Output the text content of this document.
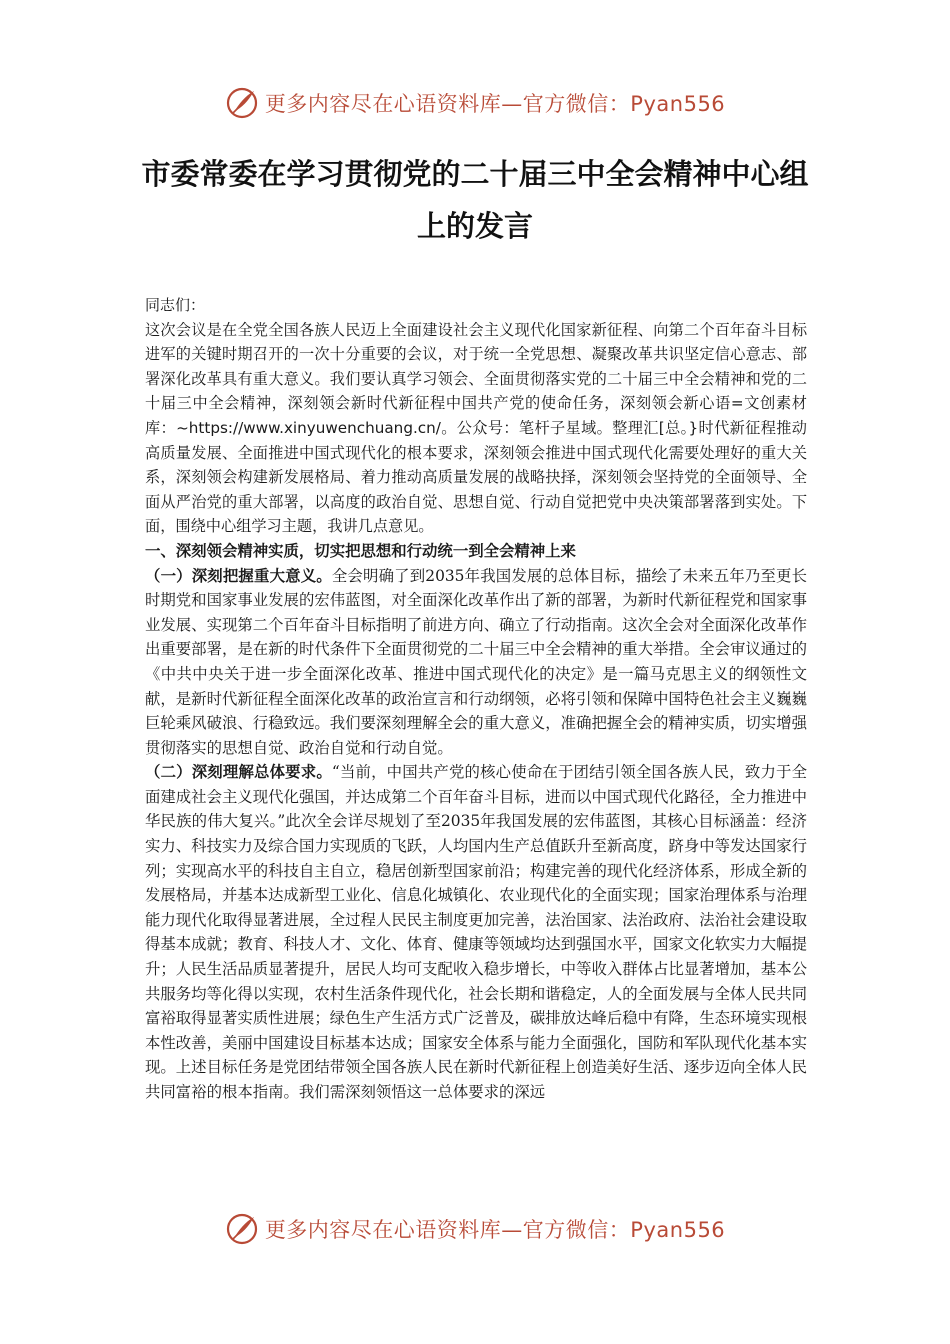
更多内容尽在心语资料库—官方微信：Pyan556
市委常委在学习贯彻党的二十届三中全会精神中心组上的发言

同志们：

这次会议是在全党全国各族人民迈上全面建设社会主义现代化国家新征程、向第二个百年奋斗目标进军的关键时期召开的一次十分重要的会议，对于统一全党思想、凝聚改革共识坚定信心意志、部署深化改革具有重大意义。我们要认真学习领会、全面贯彻落实党的二十届三中全会精神和党的二十届三中全会精神，深刻领会新时代新征程中国共产党的使命任务，深刻领会新心语=文创素材库：~https://www.xinyuwenchuang.cn/。公众号：笔杆子星域。整理汇[总。}时代新征程推动高质量发展、全面推进中国式现代化的根本要求，深刻领会推进中国式现代化需要处理好的重大关系，深刻领会构建新发展格局、着力推动高质量发展的战略抉择，深刻领会坚持党的全面领导、全面从严治党的重大部署，以高度的政治自觉、思想自觉、行动自觉把党中央决策部署落到实处。下面，围绕中心组学习主题，我讲几点意见。

一、深刻领会精神实质，切实把思想和行动统一到全会精神上来

（一）深刻把握重大意义。全会明确了到2035年我国发展的总体目标，描绘了未来五年乃至更长时期党和国家事业发展的宏伟蓝图，对全面深化改革作出了新的部署，为新时代新征程党和国家事业发展、实现第二个百年奋斗目标指明了前进方向、确立了行动指南。这次全会对全面深化改革作出重要部署，是在新的时代条件下全面贯彻党的二十届三中全会精神的重大举措。全会审议通过的《中共中央关于进一步全面深化改革、推进中国式现代化的决定》是一篇马克思主义的纲领性文献，是新时代新征程全面深化改革的政治宣言和行动纲领，必将引领和保障中国特色社会主义巍巍巨轮乘风破浪、行稳致远。我们要深刻理解全会的重大意义，准确把握全会的精神实质，切实增强贯彻落实的思想自觉、政治自觉和行动自觉。

（二）深刻理解总体要求。“当前，中国共产党的核心使命在于团结引领全国各族人民，致力于全面建成社会主义现代化强国，并达成第二个百年奋斗目标，进而以中国式现代化路径，全力推进中华民族的伟大复兴。”此次全会详尽规划了至2035年我国发展的宏伟蓝图，其核心目标涵盖：经济实力、科技实力及综合国力实现质的飞跃，人均国内生产总值跃升至新高度，跻身中等发达国家行列；实现高水平的科技自主自立，稳居创新型国家前沿；构建完善的现代化经济体系，形成全新的发展格局，并基本达成新型工业化、信息化城镇化、农业现代化的全面实现；国家治理体系与治理能力现代化取得显著进展，全过程人民民主制度更加完善，法治国家、法治政府、法治社会建设取得基本成就；教育、科技人才、文化、体育、健康等领域均达到强国水平，国家文化软实力大幅提升；人民生活品质显著提升，居民人均可支配收入稳步增长，中等收入群体占比显著增加，基本公共服务均等化得以实现，农村生活条件现代化，社会长期和谐稳定，人的全面发展与全体人民共同富裕取得显著实质性进展；绿色生产生活方式广泛普及，碳排放达峰后稳中有降，生态环境实现根本性改善，美丽中国建设目标基本达成；国家安全体系与能力全面强化，国防和军队现代化基本实现。上述目标任务是党团结带领全国各族人民在新时代新征程上创造美好生活、逐步迈向全体人民共同富裕的根本指南。我们需深刻领悟这一总体要求的深远

更多内容尽在心语资料库—官方微信：Pyan556
